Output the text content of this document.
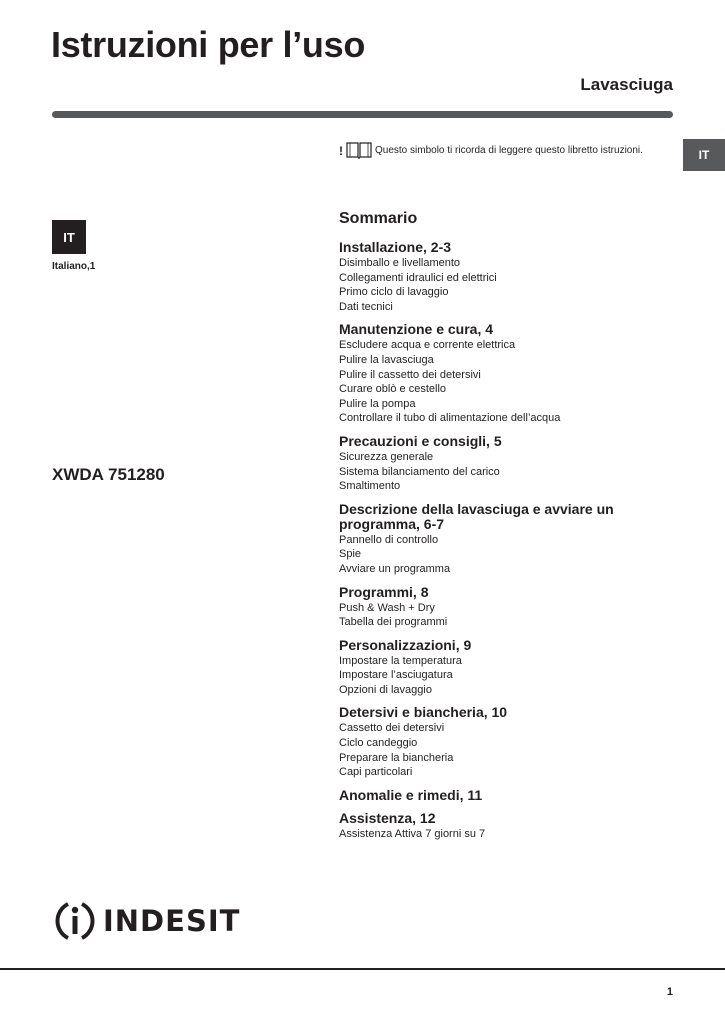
Istruzioni per l’uso
Lavasciuga
IT
!	Questo simbolo ti ricorda di leggere questo libretto istruzioni.
IT
Italiano,1
XWDA 751280
Sommario
Installazione, 2-3
Disimballo e livellamento
Collegamenti idraulici ed elettrici
Primo ciclo di lavaggio
Dati tecnici
Manutenzione e cura, 4
Escludere acqua e corrente elettrica
Pulire la lavasciuga
Pulire il cassetto dei detersivi
Curare oblò e cestello
Pulire la pompa
Controllare il tubo di alimentazione dell’acqua
Precauzioni e consigli, 5
Sicurezza generale
Sistema bilanciamento del carico
Smaltimento
Descrizione della lavasciuga e avviare un programma, 6-7
Pannello di controllo
Spie
Avviare un programma
Programmi, 8
Push & Wash + Dry
Tabella dei programmi
Personalizzazioni, 9
Impostare la temperatura
Impostare l’asciugatura
Opzioni di lavaggio
Detersivi e biancheria, 10
Cassetto dei detersivi
Ciclo candeggio
Preparare la biancheria
Capi particolari
Anomalie e rimedi, 11
Assistenza, 12
Assistenza Attiva 7 giorni su 7
INDESIT
1
